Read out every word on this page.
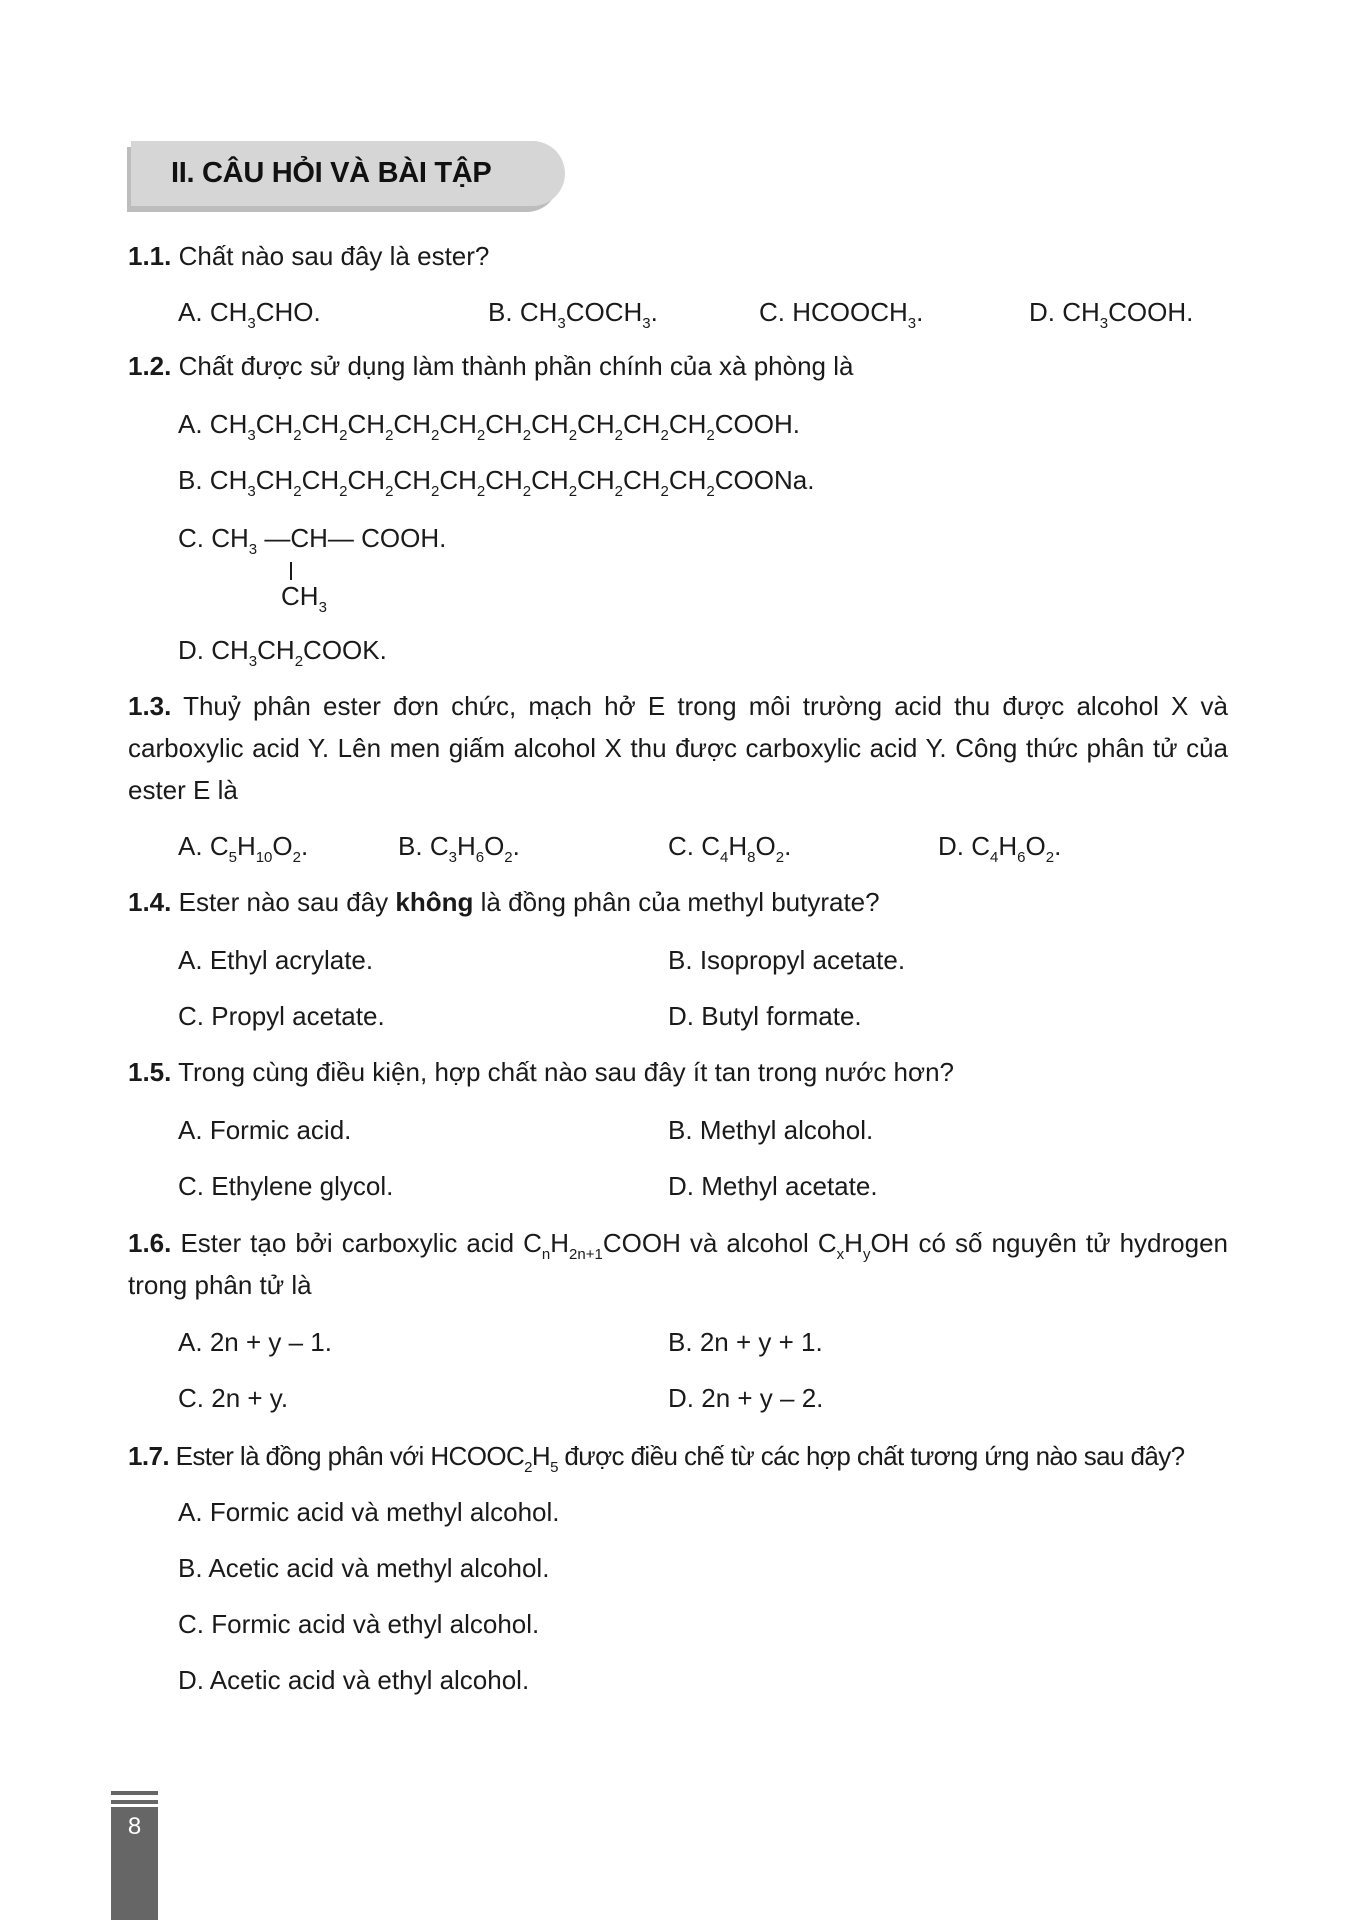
II. CÂU HỎI VÀ BÀI TẬP
1.1. Chất nào sau đây là ester?
A. $CH_3CHO$.	B. $CH_3COCH_3$.	C. $HCOOCH_3$.	D. $CH_3COOH$.
1.2. Chất được sử dụng làm thành phần chính của xà phòng là
A. $CH_3CH_2CH_2CH_2CH_2CH_2CH_2CH_2CH_2CH_2CH_2COOH$.
B. $CH_3CH_2CH_2CH_2CH_2CH_2CH_2CH_2CH_2CH_2CH_2COONa$.
C. $CH_3$ —CH— COOH.
$CH_3$
D. $CH_3CH_2COOK$.
1.3. Thuỷ phân ester đơn chức, mạch hở E trong môi trường acid thu được alcohol X và carboxylic acid Y. Lên men giấm alcohol X thu được carboxylic acid Y. Công thức phân tử của ester E là
A. $C_5H_{10}O_2$.	B. $C_3H_6O_2$.	C. $C_4H_8O_2$.	D. $C_4H_6O_2$.
1.4. Ester nào sau đây không là đồng phân của methyl butyrate?
A. Ethyl acrylate.	B. Isopropyl acetate.
C. Propyl acetate.	D. Butyl formate.
1.5. Trong cùng điều kiện, hợp chất nào sau đây ít tan trong nước hơn?
A. Formic acid.	B. Methyl alcohol.
C. Ethylene glycol.	D. Methyl acetate.
1.6. Ester tạo bởi carboxylic acid $C_nH_{2n+1}COOH$ và alcohol $C_xH_yOH$ có số nguyên tử hydrogen trong phân tử là
A. 2n + y – 1.	B. 2n + y + 1.
C. 2n + y.	D. 2n + y – 2.
1.7. Ester là đồng phân với $HCOOC_2H_5$ được điều chế từ các hợp chất tương ứng nào sau đây?
A. Formic acid và methyl alcohol.
B. Acetic acid và methyl alcohol.
C. Formic acid và ethyl alcohol.
D. Acetic acid và ethyl alcohol.
8
